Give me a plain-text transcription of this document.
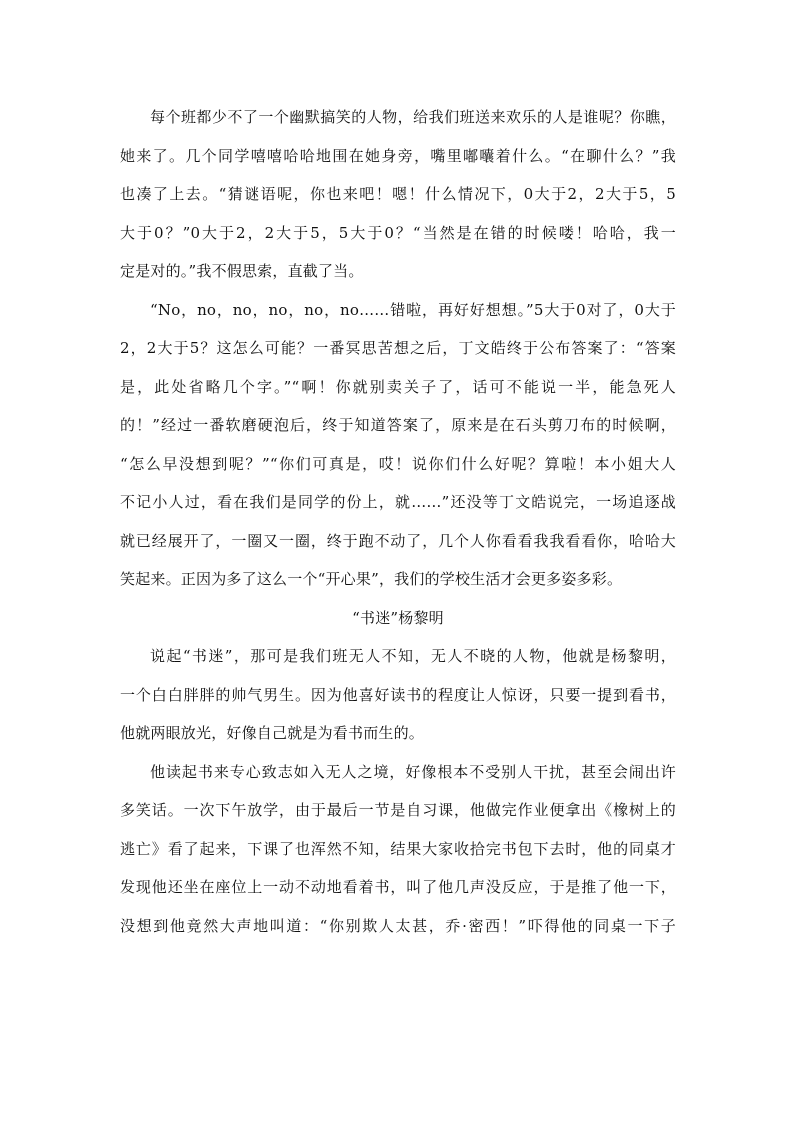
每个班都少不了一个幽默搞笑的人物，给我们班送来欢乐的人是谁呢？你瞧，
她来了。几个同学嘻嘻哈哈地围在她身旁，嘴里嘟囔着什么。“在聊什么？”我
也凑了上去。“猜谜语呢，你也来吧！嗯！什么情况下，0大于2，2大于5，5
大于0？”0大于2，2大于5，5大于0？“当然是在错的时候喽！哈哈，我一
定是对的。”我不假思索，直截了当。
“No，no，no，no，no，no……错啦，再好好想想。”5大于0对了，0大于
2，2大于5？这怎么可能？一番冥思苦想之后，丁文皓终于公布答案了：“答案
是，此处省略几个字。”“啊！你就别卖关子了，话可不能说一半，能急死人
的！”经过一番软磨硬泡后，终于知道答案了，原来是在石头剪刀布的时候啊，
“怎么早没想到呢？”“你们可真是，哎！说你们什么好呢？算啦！本小姐大人
不记小人过，看在我们是同学的份上，就……”还没等丁文皓说完，一场追逐战
就已经展开了，一圈又一圈，终于跑不动了，几个人你看看我我看看你，哈哈大
笑起来。正因为多了这么一个“开心果”，我们的学校生活才会更多姿多彩。
“书迷”杨黎明
说起“书迷”，那可是我们班无人不知，无人不晓的人物，他就是杨黎明，
一个白白胖胖的帅气男生。因为他喜好读书的程度让人惊讶，只要一提到看书，
他就两眼放光，好像自己就是为看书而生的。
他读起书来专心致志如入无人之境，好像根本不受别人干扰，甚至会闹出许
多笑话。一次下午放学，由于最后一节是自习课，他做完作业便拿出《橡树上的
逃亡》看了起来，下课了也浑然不知，结果大家收拾完书包下去时，他的同桌才
发现他还坐在座位上一动不动地看着书，叫了他几声没反应，于是推了他一下，
没想到他竟然大声地叫道：“你别欺人太甚，乔·密西！”吓得他的同桌一下子
